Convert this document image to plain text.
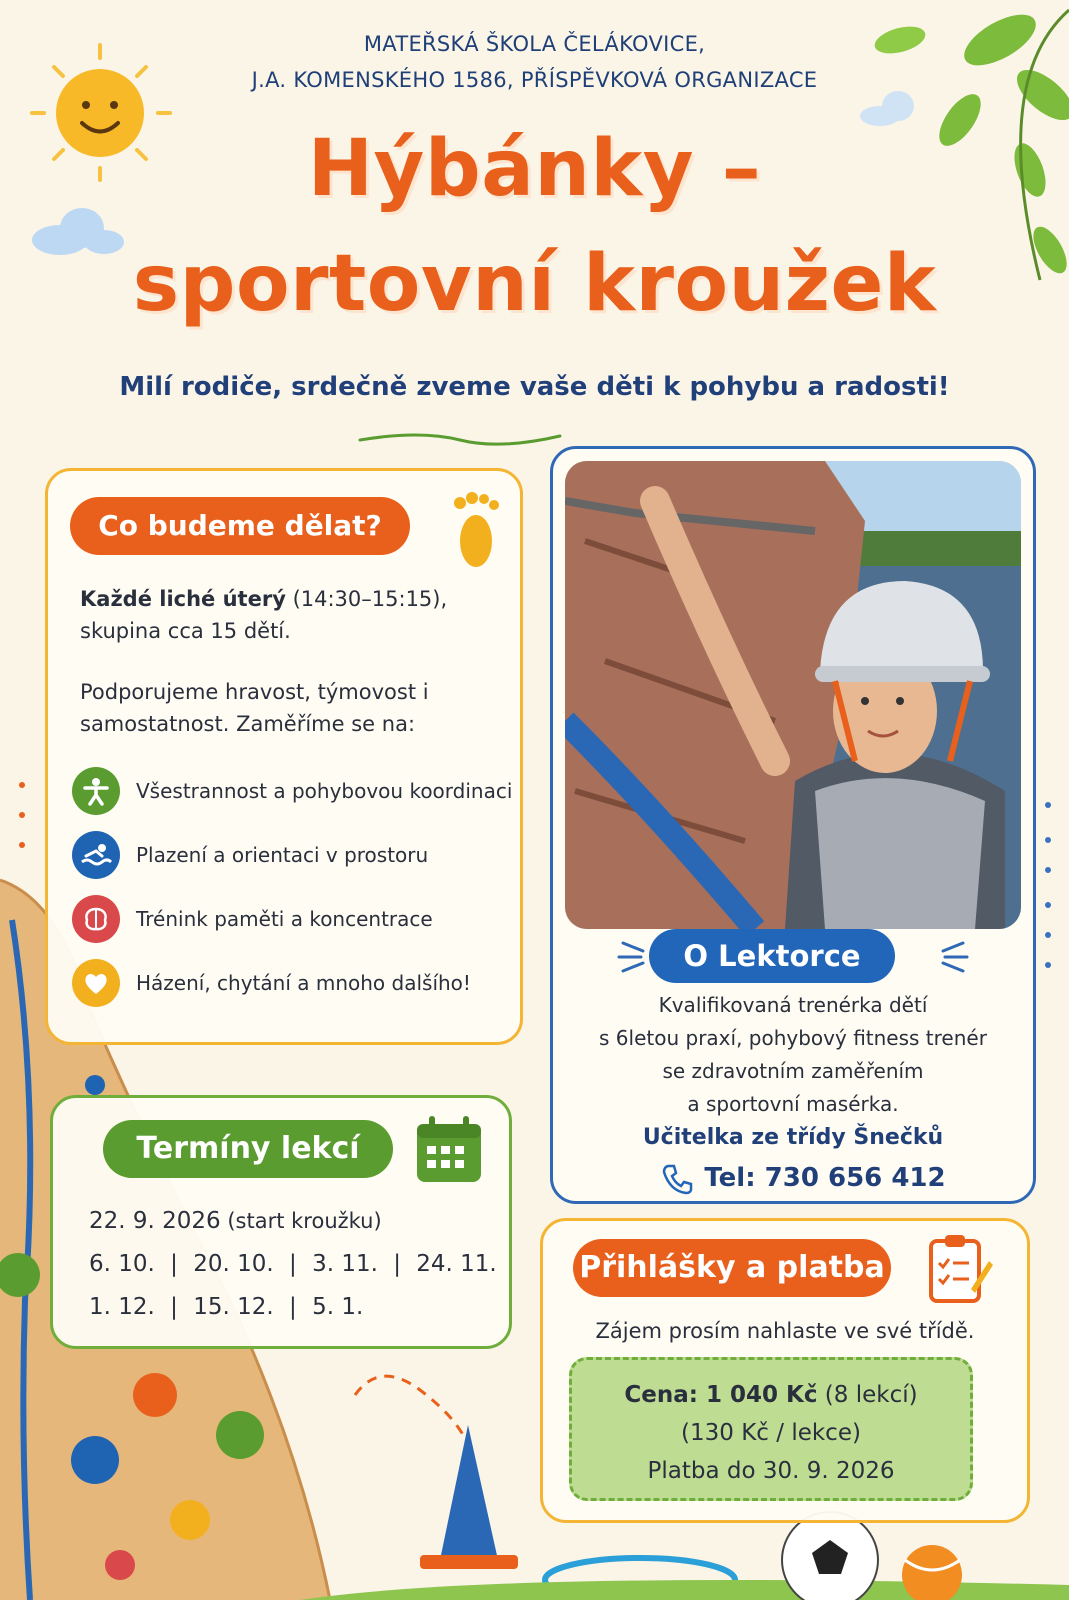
MATEŘSKÁ ŠKOLA ČELÁKOVICE,
J.A. KOMENSKÉHO 1586, PŘÍSPĚVKOVÁ ORGANIZACE
Hýbánky –
sportovní kroužek
Milí rodiče, srdečně zveme vaše děti k pohybu a radosti!
Co budeme dělat?
Každé liché úterý (14:30–15:15),
skupina cca 15 dětí.
Podporujeme hravost, týmovost i
samostatnost. Zaměříme se na:
Všestrannost a pohybovou koordinaci
Plazení a orientaci v prostoru
Trénink paměti a koncentrace
Házení, chytání a mnoho dalšího!
O Lektorce
Kvalifikovaná trenérka dětí
s 6letou praxí, pohybový fitness trenér
se zdravotním zaměřením
a sportovní masérka.
Učitelka ze třídy Šnečků
Tel: 730 656 412
Termíny lekcí
22. 9. 2026 (start kroužku)
6. 10. | 20. 10. | 3. 11. | 24. 11.
1. 12. | 15. 12. | 5. 1.
Přihlášky a platba
Zájem prosím nahlaste ve své třídě.
Cena: 1 040 Kč (8 lekcí)
(130 Kč / lekce)
Platba do 30. 9. 2026
